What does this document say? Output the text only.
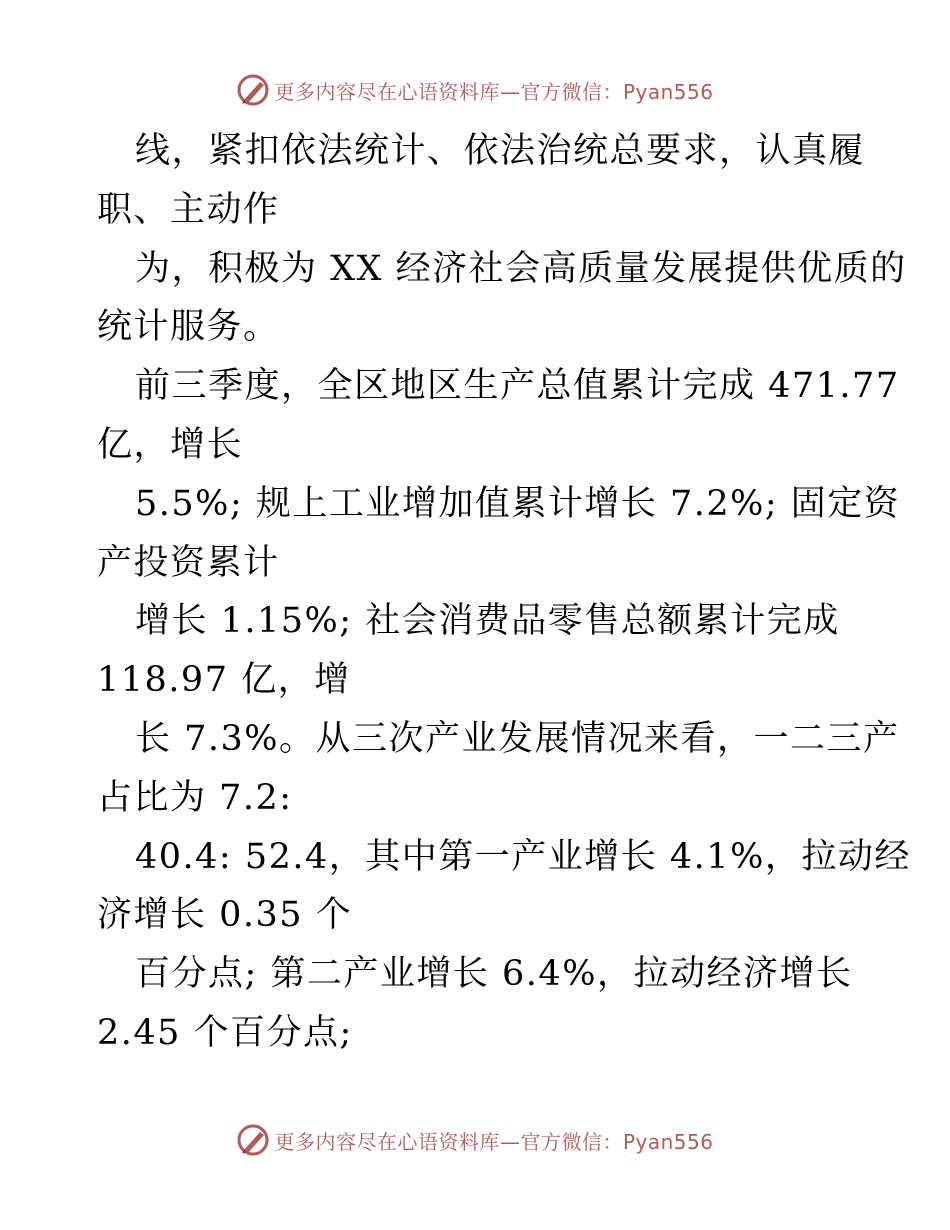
更多内容尽在心语资料库—官方微信：Pyan556
线，紧扣依法统计、依法治统总要求，认真履
职、主动作
为，积极为 XX 经济社会高质量发展提供优质的
统计服务。
前三季度，全区地区生产总值累计完成 471.77
亿，增长
5.5%; 规上工业增加值累计增长 7.2%; 固定资
产投资累计
增长 1.15%; 社会消费品零售总额累计完成
118.97 亿，增
长 7.3%。从三次产业发展情况来看，一二三产
占比为 7.2:
40.4: 52.4，其中第一产业增长 4.1%，拉动经
济增长 0.35 个
百分点; 第二产业增长 6.4%，拉动经济增长
2.45 个百分点;
更多内容尽在心语资料库—官方微信：Pyan556
